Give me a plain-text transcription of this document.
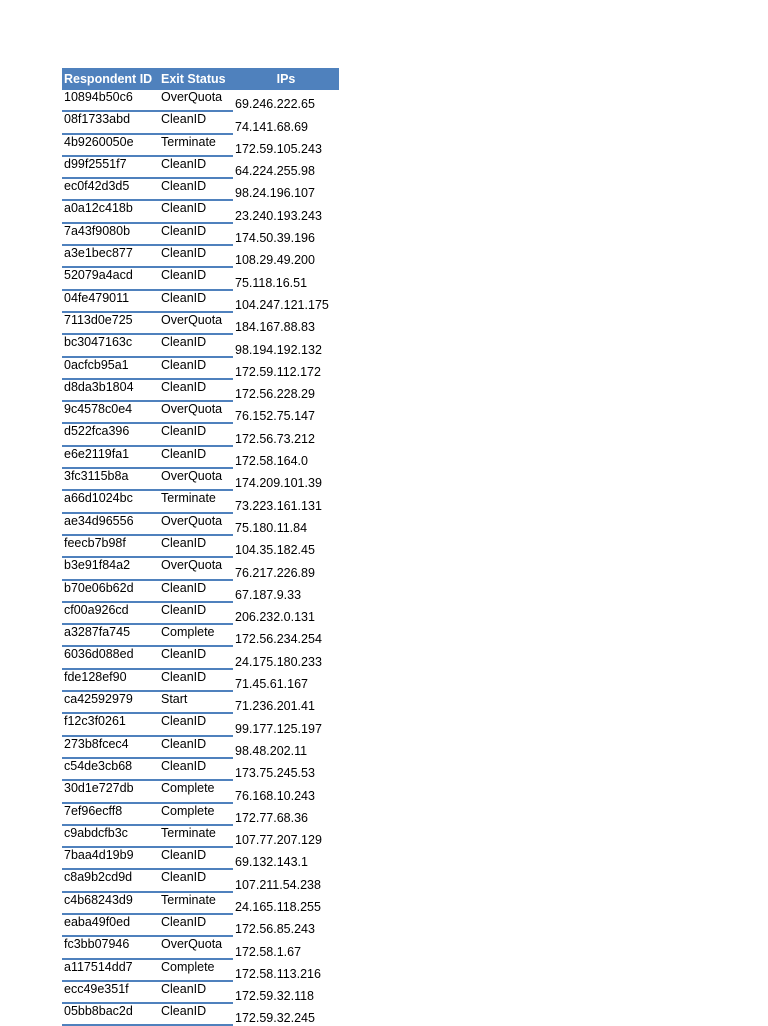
Respondent ID	Exit Status	IPs
10894b50c6	OverQuota	69.246.222.65
08f1733abd	CleanID	74.141.68.69
4b9260050e	Terminate	172.59.105.243
d99f2551f7	CleanID	64.224.255.98
ec0f42d3d5	CleanID	98.24.196.107
a0a12c418b	CleanID	23.240.193.243
7a43f9080b	CleanID	174.50.39.196
a3e1bec877	CleanID	108.29.49.200
52079a4acd	CleanID	75.118.16.51
04fe479011	CleanID	104.247.121.175
7113d0e725	OverQuota	184.167.88.83
bc3047163c	CleanID	98.194.192.132
0acfcb95a1	CleanID	172.59.112.172
d8da3b1804	CleanID	172.56.228.29
9c4578c0e4	OverQuota	76.152.75.147
d522fca396	CleanID	172.56.73.212
e6e2119fa1	CleanID	172.58.164.0
3fc3115b8a	OverQuota	174.209.101.39
a66d1024bc	Terminate	73.223.161.131
ae34d96556	OverQuota	75.180.11.84
feecb7b98f	CleanID	104.35.182.45
b3e91f84a2	OverQuota	76.217.226.89
b70e06b62d	CleanID	67.187.9.33
cf00a926cd	CleanID	206.232.0.131
a3287fa745	Complete	172.56.234.254
6036d088ed	CleanID	24.175.180.233
fde128ef90	CleanID	71.45.61.167
ca42592979	Start	71.236.201.41
f12c3f0261	CleanID	99.177.125.197
273b8fcec4	CleanID	98.48.202.11
c54de3cb68	CleanID	173.75.245.53
30d1e727db	Complete	76.168.10.243
7ef96ecff8	Complete	172.77.68.36
c9abdcfb3c	Terminate	107.77.207.129
7baa4d19b9	CleanID	69.132.143.1
c8a9b2cd9d	CleanID	107.211.54.238
c4b68243d9	Terminate	24.165.118.255
eaba49f0ed	CleanID	172.56.85.243
fc3bb07946	OverQuota	172.58.1.67
a117514dd7	Complete	172.58.113.216
ecc49e351f	CleanID	172.59.32.118
05bb8bac2d	CleanID	172.59.32.245
